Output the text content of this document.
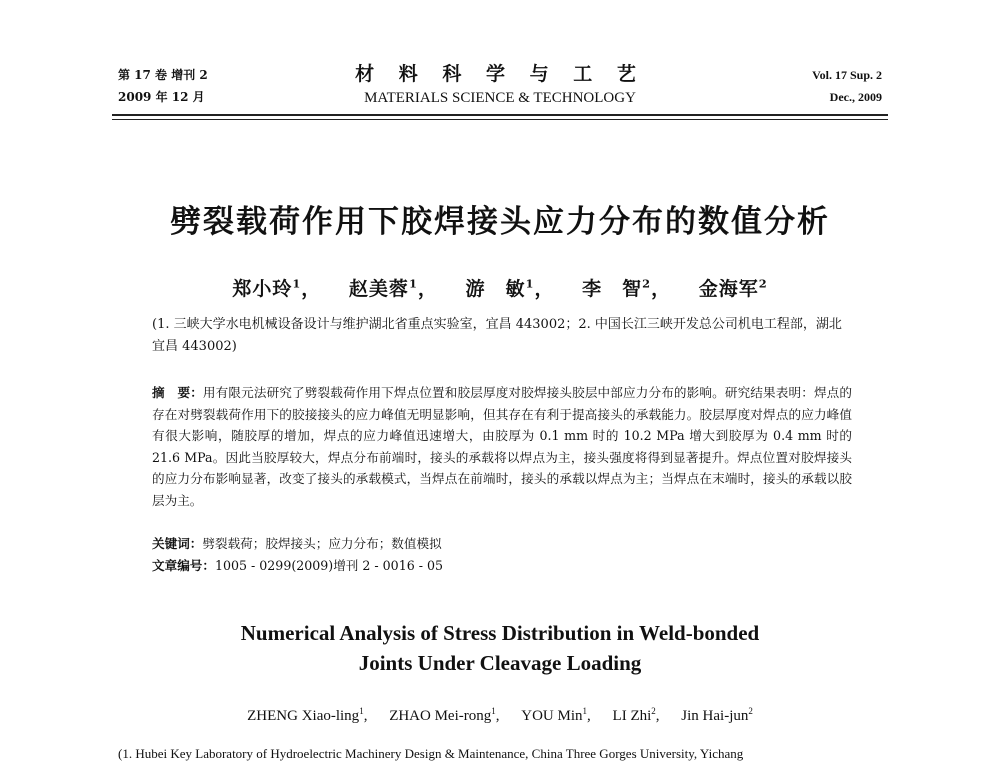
第 17 卷 增刊 2
2009 年 12 月
材 料 科 学 与 工 艺
MATERIALS SCIENCE & TECHNOLOGY
Vol. 17 Sup. 2
Dec., 2009
劈裂载荷作用下胶焊接头应力分布的数值分析
郑小玲$^1$， 赵美蓉$^1$， 游　敏$^1$， 李　智$^2$， 金海军$^2$
(1. 三峡大学水电机械设备设计与维护湖北省重点实验室，宜昌 443002；2. 中国长江三峡开发总公司机电工程部，湖北 宜昌 443002)
摘　要：用有限元法研究了劈裂载荷作用下焊点位置和胶层厚度对胶焊接头胶层中部应力分布的影响。研究结果表明：焊点的存在对劈裂载荷作用下的胶接接头的应力峰值无明显影响，但其存在有利于提高接头的承载能力。胶层厚度对焊点的应力峰值有很大影响，随胶厚的增加，焊点的应力峰值迅速增大，由胶厚为 0.1 mm 时的 10.2 MPa 增大到胶厚为 0.4 mm 时的 21.6 MPa。因此当胶厚较大，焊点分布前端时，接头的承载将以焊点为主，接头强度将得到显著提升。焊点位置对胶焊接头的应力分布影响显著，改变了接头的承载模式，当焊点在前端时，接头的承载以焊点为主；当焊点在末端时，接头的承载以胶层为主。
关键词：劈裂载荷；胶焊接头；应力分布；数值模拟
文章编号：1005 - 0299(2009)增刊 2 - 0016 - 05
Numerical Analysis of Stress Distribution in Weld-bonded
Joints Under Cleavage Loading
ZHENG Xiao-ling$^1$, ZHAO Mei-rong$^1$, YOU Min$^1$, LI Zhi$^2$, Jin Hai-jun$^2$
(1. Hubei Key Laboratory of Hydroelectric Machinery Design & Maintenance, China Three Gorges University, Yichang
